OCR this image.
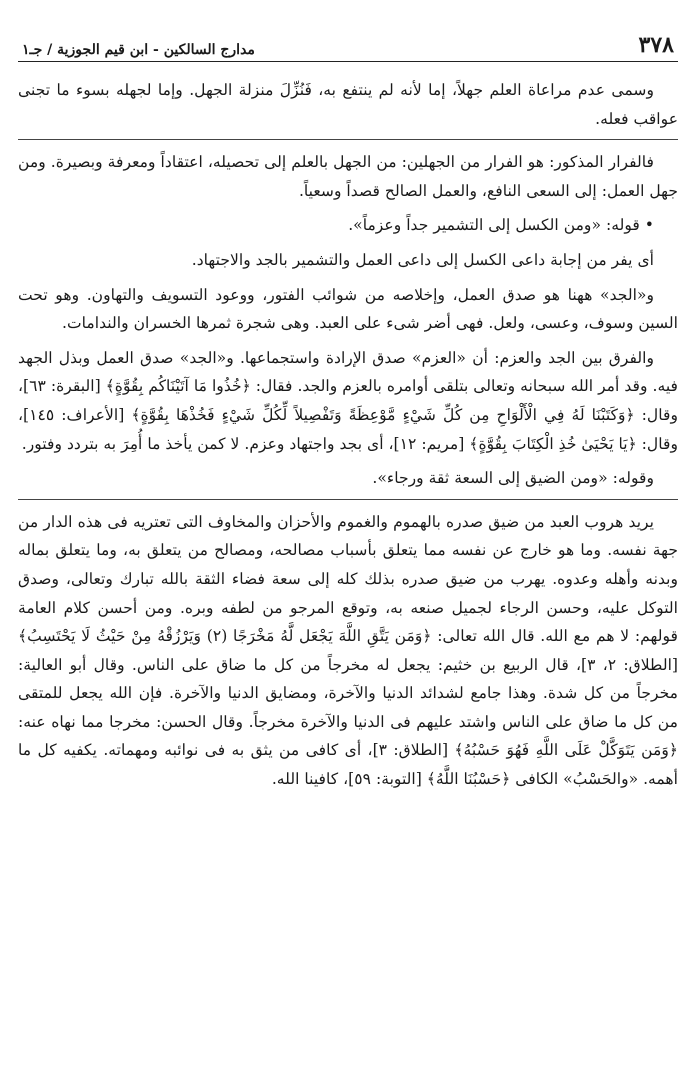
٣٧٨
مدارج السالكين - ابن قيم الجوزية / جـ١

وسمى عدم مراعاة العلم جهلاً، إما لأنه لم ينتفع به، فَنُزِّلَ منزلة الجهل. وإما لجهله بسوء ما تجنى عواقب فعله.

فالفرار المذكور: هو الفرار من الجهلين: من الجهل بالعلم إلى تحصيله، اعتقاداً ومعرفة وبصيرة. ومن جهل العمل: إلى السعى النافع، والعمل الصالح قصداً وسعياً.

• قوله: «ومن الكسل إلى التشمير جداً وعزماً».

أى يفر من إجابة داعى الكسل إلى داعى العمل والتشمير بالجد والاجتهاد.

و«الجد» ههنا هو صدق العمل، وإخلاصه من شوائب الفتور، ووعود التسويف والتهاون. وهو تحت السين وسوف، وعسى، ولعل. فهى أضر شىء على العبد. وهى شجرة ثمرها الخسران والندامات.

والفرق بين الجد والعزم: أن «العزم» صدق الإرادة واستجماعها. و«الجد» صدق العمل وبذل الجهد فيه. وقد أمر الله سبحانه وتعالى بتلقى أوامره بالعزم والجد. فقال: ﴿خُذُوا مَا آتَيْنَاكُم بِقُوَّةٍ﴾ [البقرة: ٦٣]، وقال: ﴿وَكَتَبْنَا لَهُ فِي الْأَلْوَاحِ مِن كُلِّ شَيْءٍ مَّوْعِظَةً وَتَفْصِيلاً لِّكُلِّ شَيْءٍ فَخُذْهَا بِقُوَّةٍ﴾ [الأعراف: ١٤٥]، وقال: ﴿يَا يَحْيَىٰ خُذِ الْكِتَابَ بِقُوَّةٍ﴾ [مريم: ١٢]، أى بجد واجتهاد وعزم. لا كمن يأخذ ما أُمِرَ به بتردد وفتور.

وقوله: «ومن الضيق إلى السعة ثقة ورجاء».

يريد هروب العبد من ضيق صدره بالهموم والغموم والأحزان والمخاوف التى تعتريه فى هذه الدار من جهة نفسه. وما هو خارج عن نفسه مما يتعلق بأسباب مصالحه، ومصالح من يتعلق به، وما يتعلق بماله وبدنه وأهله وعدوه. يهرب من ضيق صدره بذلك كله إلى سعة فضاء الثقة بالله تبارك وتعالى، وصدق التوكل عليه، وحسن الرجاء لجميل صنعه به، وتوقع المرجو من لطفه وبره. ومن أحسن كلام العامة قولهم: لا هم مع الله. قال الله تعالى: ﴿وَمَن يَتَّقِ اللَّهَ يَجْعَل لَّهُ مَخْرَجًا (٢) وَيَرْزُقْهُ مِنْ حَيْثُ لَا يَحْتَسِبُ﴾ [الطلاق: ٢، ٣]، قال الربيع بن خثيم: يجعل له مخرجاً من كل ما ضاق على الناس. وقال أبو العالية: مخرجاً من كل شدة. وهذا جامع لشدائد الدنيا والآخرة، ومضايق الدنيا والآخرة. فإن الله يجعل للمتقى من كل ما ضاق على الناس واشتد عليهم فى الدنيا والآخرة مخرجاً. وقال الحسن: مخرجا مما نهاه عنه: ﴿وَمَن يَتَوَكَّلْ عَلَى اللَّهِ فَهُوَ حَسْبُهُ﴾ [الطلاق: ٣]، أى كافى من يثق به فى نوائبه ومهماته. يكفيه كل ما أهمه. «والحَسْبُ» الكافى ﴿حَسْبُنَا اللَّهُ﴾ [التوبة: ٥٩]، كافينا الله.
